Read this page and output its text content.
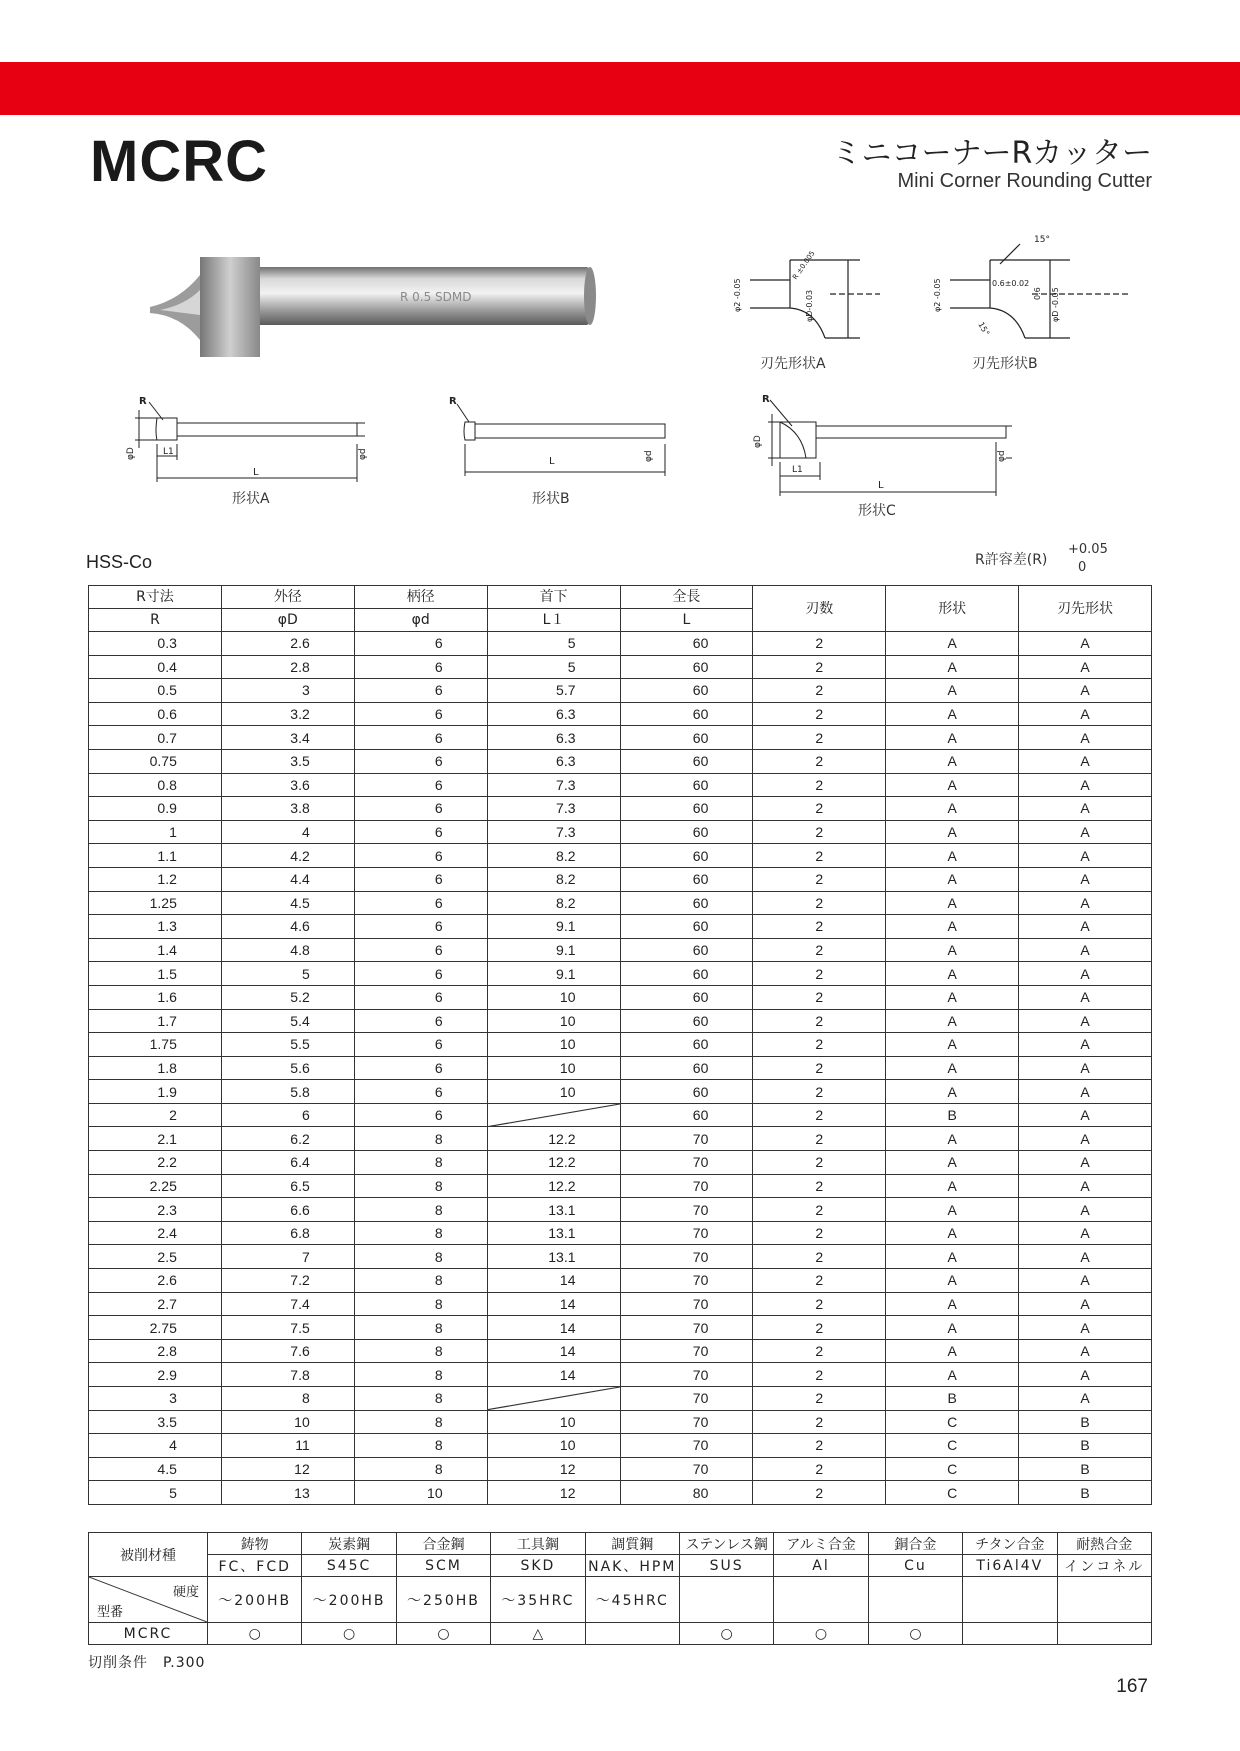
MCRC	ミニコーナーRカッター
Mini Corner Rounding Cutter
R 0.5 SDMD	φ2 -0.05	φD-0.03
R ±0.005
刃先形状A
φ2 -0.05	φD -0.05
0.6±0.02
0.6
15°
15°
刃先形状B
R
φD	L1
L
φd
形状A
R
L	φd
形状B
R
φD
L1
L
φd
形状C
HSS-Co	R許容差(R)
+0.05
0
R寸法	外径	柄径	首下	全長	刃数	形状	刃先形状
R	φD	φd	L１	L			
0.3	2.6	6	5	60	2	A	A
0.4	2.8	6	5	60	2	A	A
0.5	3	6	5.7	60	2	A	A
0.6	3.2	6	6.3	60	2	A	A
0.7	3.4	6	6.3	60	2	A	A
0.75	3.5	6	6.3	60	2	A	A
0.8	3.6	6	7.3	60	2	A	A
0.9	3.8	6	7.3	60	2	A	A
1	4	6	7.3	60	2	A	A
1.1	4.2	6	8.2	60	2	A	A
1.2	4.4	6	8.2	60	2	A	A
1.25	4.5	6	8.2	60	2	A	A
1.3	4.6	6	9.1	60	2	A	A
1.4	4.8	6	9.1	60	2	A	A
1.5	5	6	9.1	60	2	A	A
1.6	5.2	6	10	60	2	A	A
1.7	5.4	6	10	60	2	A	A
1.75	5.5	6	10	60	2	A	A
1.8	5.6	6	10	60	2	A	A
1.9	5.8	6	10	60	2	A	A
2	6	6		60	2	B	A
2.1	6.2	8	12.2	70	2	A	A
2.2	6.4	8	12.2	70	2	A	A
2.25	6.5	8	12.2	70	2	A	A
2.3	6.6	8	13.1	70	2	A	A
2.4	6.8	8	13.1	70	2	A	A
2.5	7	8	13.1	70	2	A	A
2.6	7.2	8	14	70	2	A	A
2.7	7.4	8	14	70	2	A	A
2.75	7.5	8	14	70	2	A	A
2.8	7.6	8	14	70	2	A	A
2.9	7.8	8	14	70	2	A	A
3	8	8		70	2	B	A
3.5	10	8	10	70	2	C	B
4	11	8	10	70	2	C	B
4.5	12	8	12	70	2	C	B
5	13	10	12	80	2	C	B
被削材種	鋳物	炭素鋼	合金鋼	工具鋼	調質鋼	ステンレス鋼	アルミ合金	銅合金	チタン合金	耐熱合金
	FC、FCD	S45C	SCM	SKD	NAK、HPM	SUS	Al	Cu	Ti6Al4V	インコネル

硬度
型番	～200HB	～200HB	～250HB	～35HRC	～45HRC					
MCRC	○	○	○	△		○	○	○		
切削条件　P.300
167
